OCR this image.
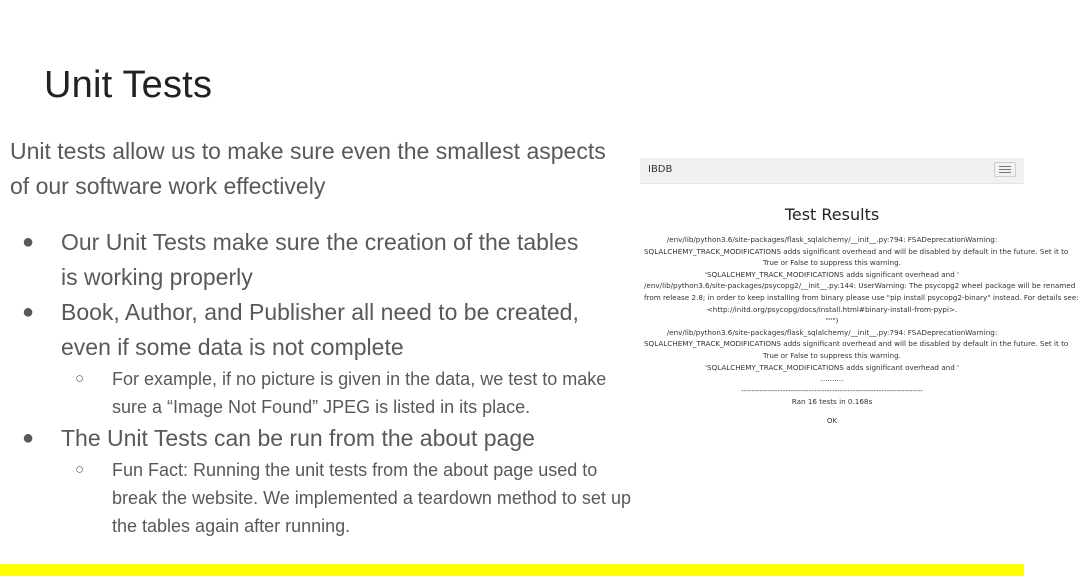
Unit Tests
Unit tests allow us to make sure even the smallest aspects of our software work effectively
● Our Unit Tests make sure the creation of the tables is working properly
● Book, Author, and Publisher all need to be created, even if some data is not complete
○ For example, if no picture is given in the data, we test to make sure a “Image Not Found” JPEG is listed in its place.
● The Unit Tests can be run from the about page
○ Fun Fact: Running the unit tests from the about page used to break the website. We implemented a teardown method to set up the tables again after running.
IBDB
Test Results
/env/lib/python3.6/site-packages/flask_sqlalchemy/__init__.py:794: FSADeprecationWarning:
SQLALCHEMY_TRACK_MODIFICATIONS adds significant overhead and will be disabled by default in the future. Set it to
True or False to suppress this warning.
'SQLALCHEMY_TRACK_MODIFICATIONS adds significant overhead and '
/env/lib/python3.6/site-packages/psycopg2/__init__.py:144: UserWarning: The psycopg2 wheel package will be renamed
from release 2.8; in order to keep installing from binary please use "pip install psycopg2-binary" instead. For details see:
<http://initd.org/psycopg/docs/install.html#binary-install-from-pypi>.
""")
/env/lib/python3.6/site-packages/flask_sqlalchemy/__init__.py:794: FSADeprecationWarning:
SQLALCHEMY_TRACK_MODIFICATIONS adds significant overhead and will be disabled by default in the future. Set it to
True or False to suppress this warning.
'SQLALCHEMY_TRACK_MODIFICATIONS adds significant overhead and '
..........
----------------------------------------------------------------------
Ran 16 tests in 0.168s
OK
